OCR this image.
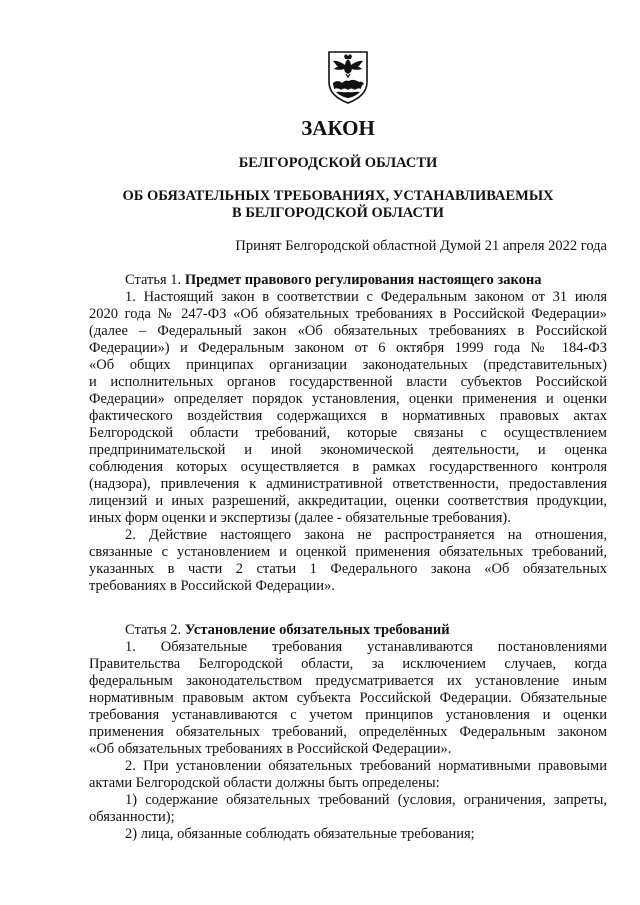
ЗАКОН
БЕЛГОРОДСКОЙ ОБЛАСТИ
ОБ ОБЯЗАТЕЛЬНЫХ ТРЕБОВАНИЯХ, УСТАНАВЛИВАЕМЫХ
В БЕЛГОРОДСКОЙ ОБЛАСТИ
Принят Белгородской областной Думой 21 апреля 2022 года
Статья 1. Предмет правового регулирования настоящего закона

1. Настоящий закон в соответствии с Федеральным законом от 31 июля
2020 года № 247-ФЗ «Об обязательных требованиях в Российской Федерации»
(далее – Федеральный закон «Об обязательных требованиях в Российской
Федерации») и Федеральным законом от 6 октября 1999 года № 184-ФЗ
«Об общих принципах организации законодательных (представительных)
и исполнительных органов государственной власти субъектов Российской
Федерации» определяет порядок установления, оценки применения и оценки
фактического воздействия содержащихся в нормативных правовых актах
Белгородской области требований, которые связаны с осуществлением
предпринимательской и иной экономической деятельности, и оценка
соблюдения которых осуществляется в рамках государственного контроля
(надзора), привлечения к административной ответственности, предоставления
лицензий и иных разрешений, аккредитации, оценки соответствия продукции,
иных форм оценки и экспертизы (далее - обязательные требования).

2. Действие настоящего закона не распространяется на отношения,
связанные с установлением и оценкой применения обязательных требований,
указанных в части 2 статьи 1 Федерального закона «Об обязательных
требованиях в Российской Федерации».

Статья 2. Установление обязательных требований

1. Обязательные требования устанавливаются постановлениями
Правительства Белгородской области, за исключением случаев, когда
федеральным законодательством предусматривается их установление иным
нормативным правовым актом субъекта Российской Федерации. Обязательные
требования устанавливаются с учетом принципов установления и оценки
применения обязательных требований, определённых Федеральным законом
«Об обязательных требованиях в Российской Федерации».

2. При установлении обязательных требований нормативными правовыми
актами Белгородской области должны быть определены:

1) содержание обязательных требований (условия, ограничения, запреты,
обязанности);

2) лица, обязанные соблюдать обязательные требования;
